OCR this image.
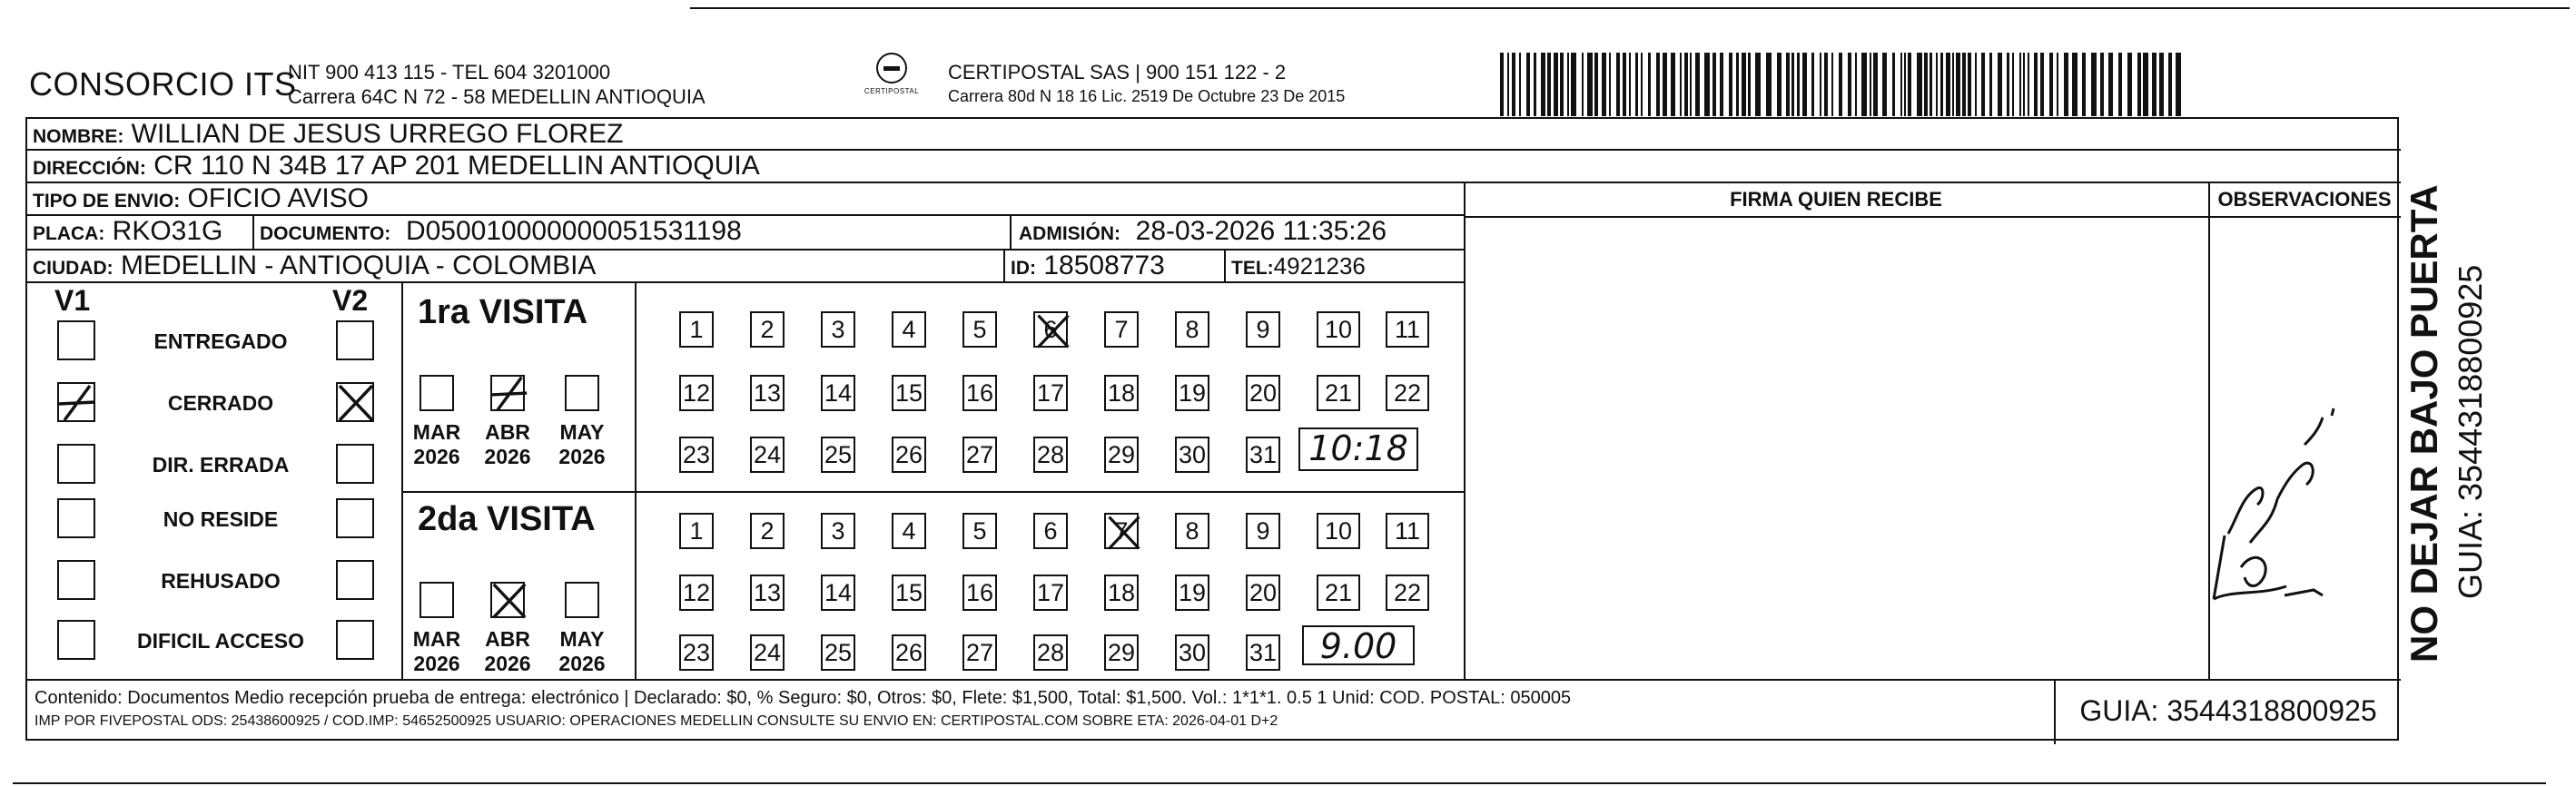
CONSORCIO ITS
NIT 900 413 115 - TEL 604 3201000
Carrera 64C N 72 - 58 MEDELLIN ANTIOQUIA	CERTIPOSTAL
CERTIPOSTAL SAS | 900 151 122 - 2
Carrera 80d N 18 16 Lic. 2519 De Octubre 23 De 2015
NOMBRE: WILLIAN DE JESUS URREGO FLOREZ
DIRECCIÓN: CR 110 N 34B 17 AP 201 MEDELLIN ANTIOQUIA
TIPO DE ENVIO: OFICIO AVISO	FIRMA QUIEN RECIBE	OBSERVACIONES
PLACA: RKO31G	DOCUMENTO: D050010000000051531198	ADMISIÓN: 28-03-2026 11:35:26
CIUDAD: MEDELLIN - ANTIOQUIA - COLOMBIA	ID: 18508773	TEL:4921236
V1	V2
ENTREGADO
CERRADO
DIR. ERRADA
NO RESIDE
REHUSADO
DIFICIL ACCESO
1ra VISITA
MAR
2026
ABR
2026
MAY
2026
1	2	3	4	5	6	7	8	9	10	11
12 13 14 15 16 17 18 19 20	21	22
23 24 25 26 27 28 29 30 31 10:18
2da VISITA
MAR
2026
ABR
2026
MAY
2026
1	2	3	4	5	6	7	8	9	10	11
12 13 14 15 16 17 18 19 20	21	22
23 24 25 26 27 28 29 30 31	9.00
Contenido: Documentos Medio recepción prueba de entrega: electrónico | Declarado: $0, % Seguro: $0, Otros: $0, Flete: $1,500, Total: $1,500. Vol.: 1*1*1. 0.5 1 Unid: COD. POSTAL: 050005
IMP POR FIVEPOSTAL ODS: 25438600925 / COD.IMP: 54652500925 USUARIO: OPERACIONES MEDELLIN CONSULTE SU ENVIO EN: CERTIPOSTAL.COM SOBRE ETA: 2026-04-01 D+2	GUIA: 3544318800925
NO DEJAR BAJO PUERTA GUIA: 3544318800925
